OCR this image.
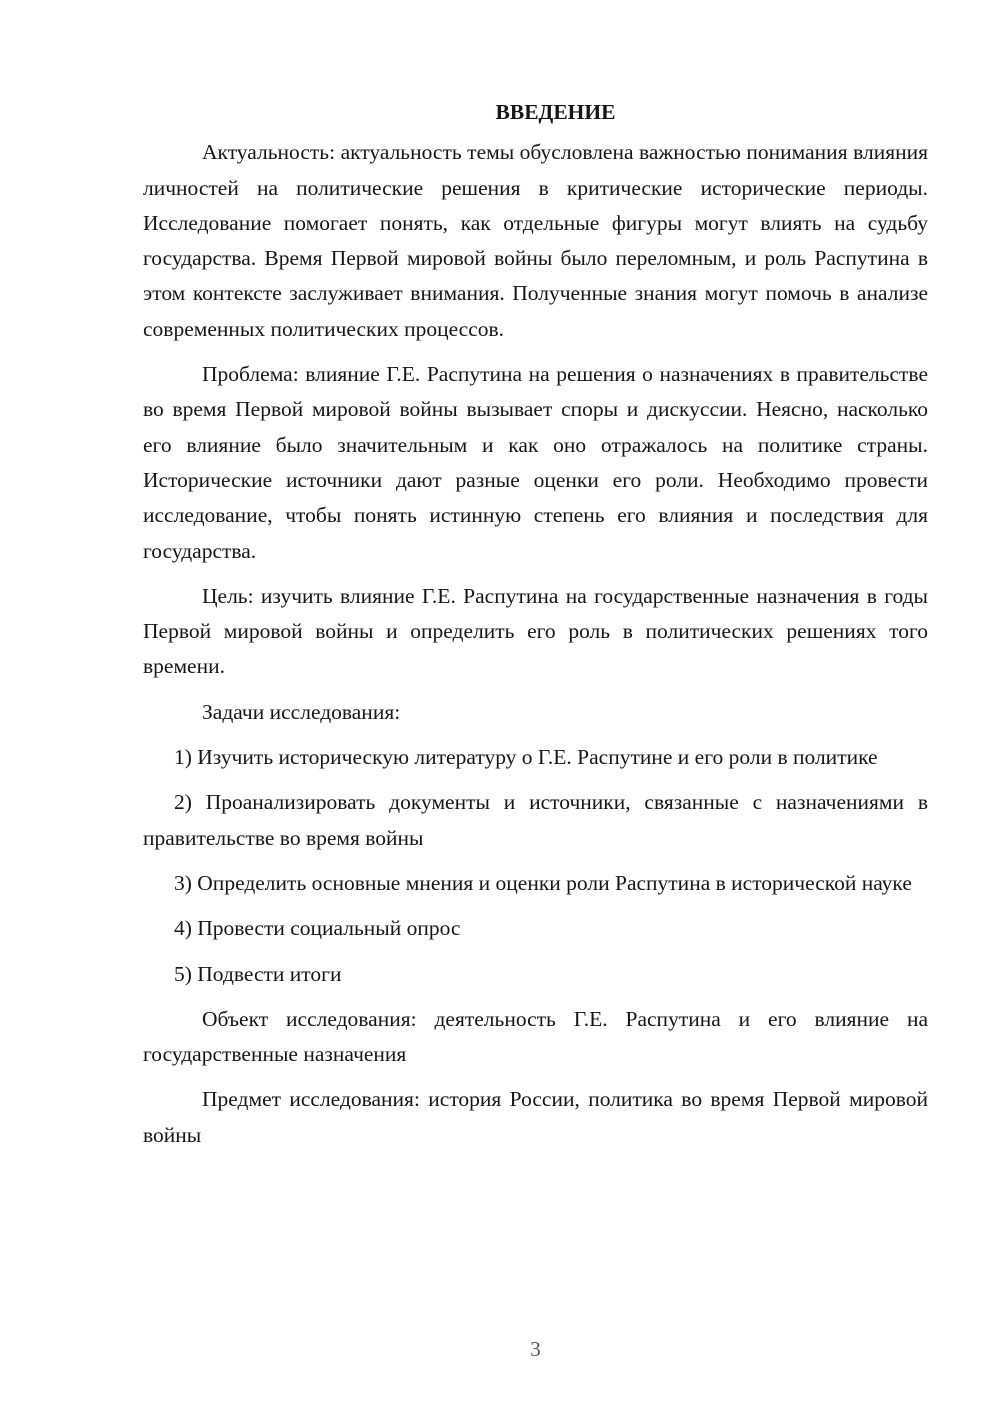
ВВЕДЕНИЕ

Актуальность: актуальность темы обусловлена важностью понимания влияния личностей на политические решения в критические исторические периоды. Исследование помогает понять, как отдельные фигуры могут влиять на судьбу государства. Время Первой мировой войны было переломным, и роль Распутина в этом контексте заслуживает внимания. Полученные знания могут помочь в анализе современных политических процессов.

Проблема: влияние Г.Е. Распутина на решения о назначениях в правительстве во время Первой мировой войны вызывает споры и дискуссии. Неясно, насколько его влияние было значительным и как оно отражалось на политике страны. Исторические источники дают разные оценки его роли. Необходимо провести исследование, чтобы понять истинную степень его влияния и последствия для государства.

Цель: изучить влияние Г.Е. Распутина на государственные назначения в годы Первой мировой войны и определить его роль в политических решениях того времени.

Задачи исследования:

1) Изучить историческую литературу о Г.Е. Распутине и его роли в политике

2) Проанализировать документы и источники, связанные с назначениями в правительстве во время войны

3) Определить основные мнения и оценки роли Распутина в исторической науке

4) Провести социальный опрос

5) Подвести итоги

Объект исследования: деятельность Г.Е. Распутина и его влияние на государственные назначения

Предмет исследования: история России, политика во время Первой мировой войны

3
